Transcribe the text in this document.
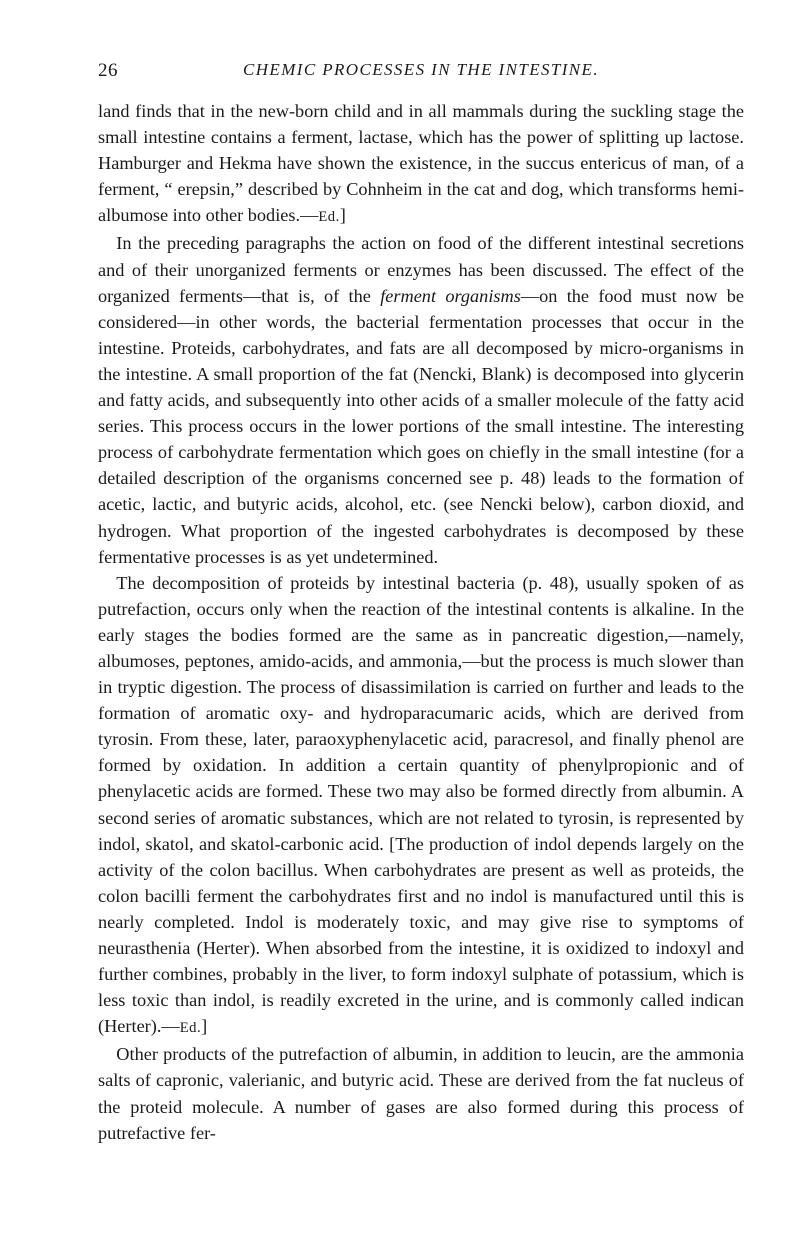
26	CHEMIC PROCESSES IN THE INTESTINE.

land finds that in the new-born child and in all mammals during the suckling stage the small intestine contains a ferment, lactase, which has the power of splitting up lactose. Hamburger and Hekma have shown the existence, in the succus entericus of man, of a ferment, “ erepsin,” described by Cohnheim in the cat and dog, which transforms hemi-albumose into other bodies.—Ed.]

In the preceding paragraphs the action on food of the different intestinal secretions and of their unorganized ferments or enzymes has been discussed. The effect of the organized ferments—that is, of the ferment organisms—on the food must now be considered—in other words, the bacterial fermentation processes that occur in the intestine. Proteids, carbohydrates, and fats are all decomposed by micro-organisms in the intestine. A small proportion of the fat (Nencki, Blank) is decomposed into glycerin and fatty acids, and subsequently into other acids of a smaller molecule of the fatty acid series. This process occurs in the lower portions of the small intestine. The interesting process of carbohydrate fermentation which goes on chiefly in the small intestine (for a detailed description of the organisms concerned see p. 48) leads to the formation of acetic, lactic, and butyric acids, alcohol, etc. (see Nencki below), carbon dioxid, and hydrogen. What proportion of the ingested carbohydrates is decomposed by these fermentative processes is as yet undetermined.

The decomposition of proteids by intestinal bacteria (p. 48), usually spoken of as putrefaction, occurs only when the reaction of the intestinal contents is alkaline. In the early stages the bodies formed are the same as in pancreatic digestion,—namely, albumoses, peptones, amido-acids, and ammonia,—but the process is much slower than in tryptic digestion. The process of disassimilation is carried on further and leads to the formation of aromatic oxy- and hydroparacumaric acids, which are derived from tyrosin. From these, later, paraoxyphenylacetic acid, paracresol, and finally phenol are formed by oxidation. In addition a certain quantity of phenylpropionic and of phenylacetic acids are formed. These two may also be formed directly from albumin. A second series of aromatic substances, which are not related to tyrosin, is represented by indol, skatol, and skatol-carbonic acid. [The production of indol depends largely on the activity of the colon bacillus. When carbohydrates are present as well as proteids, the colon bacilli ferment the carbohydrates first and no indol is manufactured until this is nearly completed. Indol is moderately toxic, and may give rise to symptoms of neurasthenia (Herter). When absorbed from the intestine, it is oxidized to indoxyl and further combines, probably in the liver, to form indoxyl sulphate of potassium, which is less toxic than indol, is readily excreted in the urine, and is commonly called indican (Herter).—Ed.]

Other products of the putrefaction of albumin, in addition to leucin, are the ammonia salts of capronic, valerianic, and butyric acid. These are derived from the fat nucleus of the proteid molecule. A number of gases are also formed during this process of putrefactive fer-
